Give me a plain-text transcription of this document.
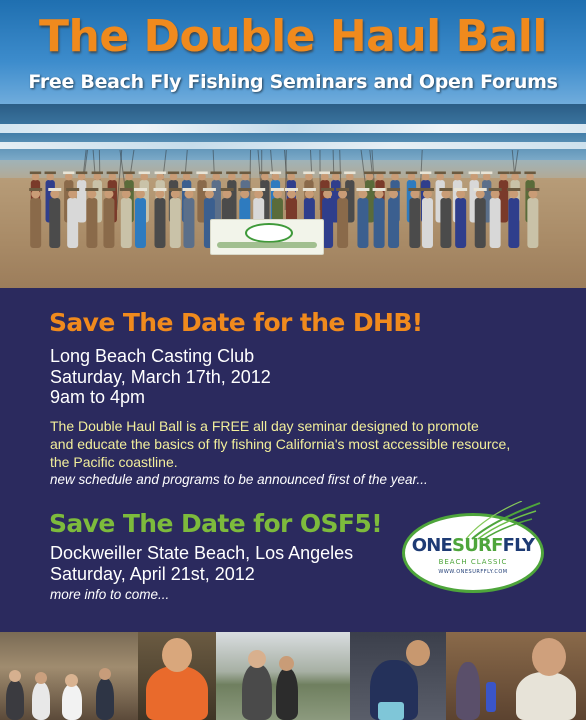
The Double Haul Ball
Free Beach Fly Fishing Seminars and Open Forums
Save The Date for the DHB!
Long Beach Casting Club
Saturday, March 17th, 2012
9am to 4pm
The Double Haul Ball is a FREE all day seminar designed to promote
and educate the basics of fly fishing California's most accessible resource,
the Pacific coastline.
new schedule and programs to be announced first of the year...
Save The Date for OSF5!
Dockweiller State Beach, Los Angeles
Saturday, April 21st, 2012
more info to come...
ONESURFFLY
BEACH CLASSIC
WWW.ONESURFFLY.COM
